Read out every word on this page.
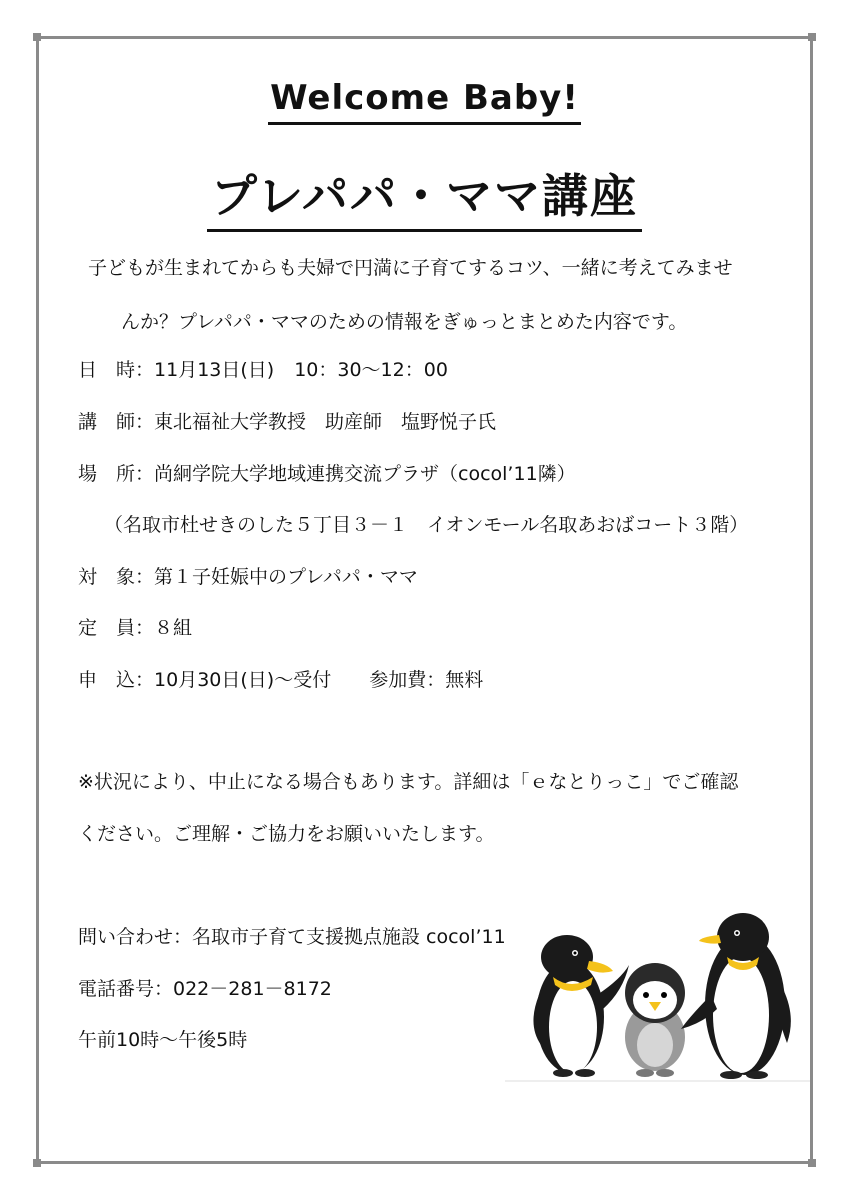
Welcome Baby!
プレパパ・ママ講座
子どもが生まれてからも夫婦で円満に子育てするコツ、一緒に考えてみませ
んか？プレパパ・ママのための情報をぎゅっとまとめた内容です。
日　時：11月13日(日) 10：30～12：00
講　師：東北福祉大学教授　助産師　塩野悦子氏
場　所：尚絅学院大学地域連携交流プラザ（cocol’11隣）
（名取市杜せきのした５丁目３－１　イオンモール名取あおばコート３階）
対　象：第１子妊娠中のプレパパ・ママ
定　員：８組
申　込：10月30日(日)～受付 参加費：無料
※状況により、中止になる場合もあります。詳細は「ｅなとりっこ」でご確認
ください。ご理解・ご協力をお願いいたします。
問い合わせ：名取市子育て支援拠点施設 cocol’11
電話番号：022－281－8172
午前10時～午後5時
